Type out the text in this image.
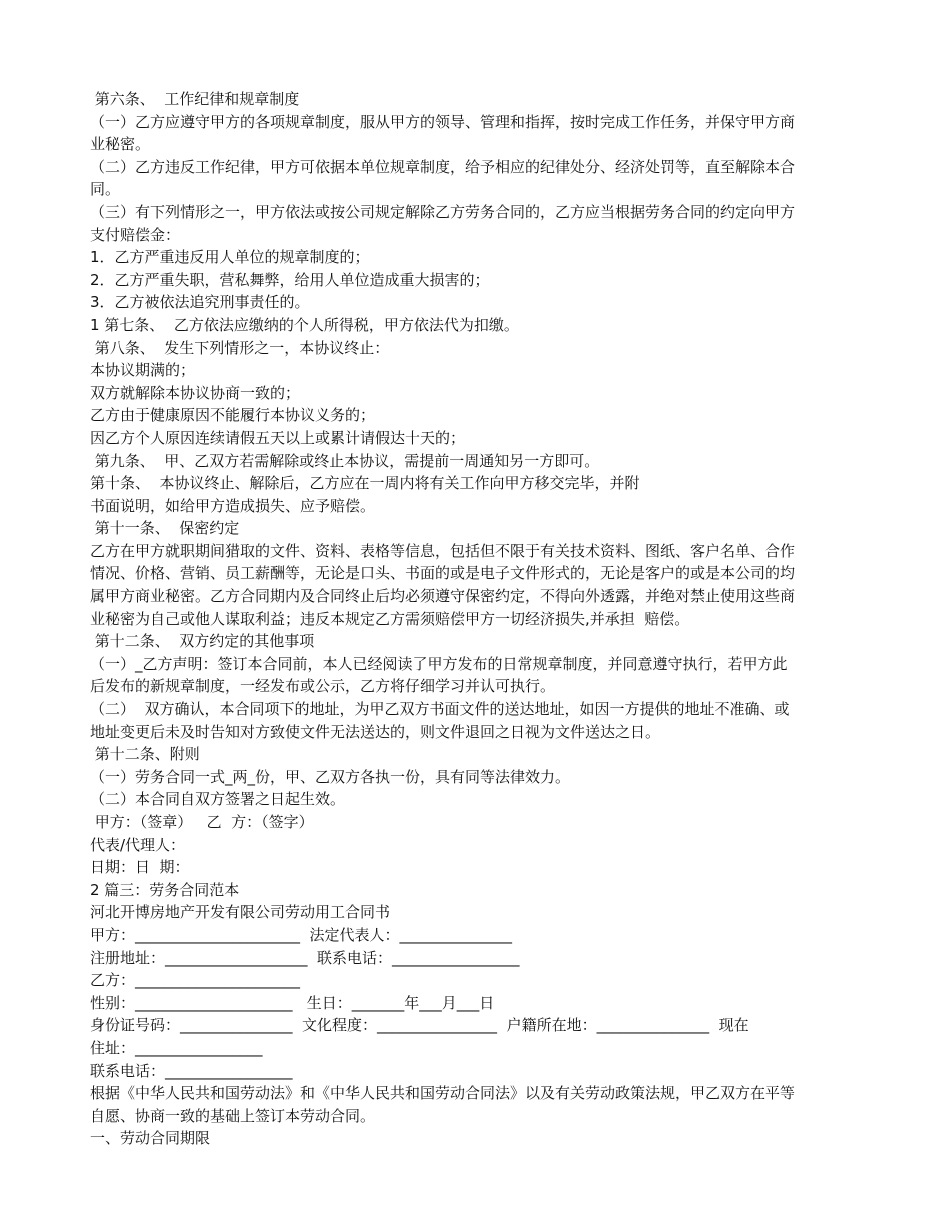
第六条、  工作纪律和规章制度
（一）乙方应遵守甲方的各项规章制度，服从甲方的领导、管理和指挥，按时完成工作任务，并保守甲方商
业秘密。
（二）乙方违反工作纪律，甲方可依据本单位规章制度，给予相应的纪律处分、经济处罚等，直至解除本合
同。
（三）有下列情形之一，甲方依法或按公司规定解除乙方劳务合同的，乙方应当根据劳务合同的约定向甲方
支付赔偿金：
1．乙方严重违反用人单位的规章制度的；
2．乙方严重失职，营私舞弊，给用人单位造成重大损害的；
3．乙方被依法追究刑事责任的。
1 第七条、  乙方依法应缴纳的个人所得税，甲方依法代为扣缴。
第八条、  发生下列情形之一，本协议终止：
本协议期满的；
双方就解除本协议协商一致的；
乙方由于健康原因不能履行本协议义务的；
因乙方个人原因连续请假五天以上或累计请假达十天的；
第九条、  甲、乙双方若需解除或终止本协议，需提前一周通知另一方即可。
第十条、  本协议终止、解除后，乙方应在一周内将有关工作向甲方移交完毕，并附
书面说明，如给甲方造成损失、应予赔偿。
第十一条、  保密约定
乙方在甲方就职期间猎取的文件、资料、表格等信息，包括但不限于有关技术资料、图纸、客户名单、合作
情况、价格、营销、员工薪酬等，无论是口头、书面的或是电子文件形式的，无论是客户的或是本公司的均
属甲方商业秘密。乙方合同期内及合同终止后均必须遵守保密约定，不得向外透露，并绝对禁止使用这些商
业秘密为自己或他人谋取利益；违反本规定乙方需须赔偿甲方一切经济损失,并承担  赔偿。
第十二条、  双方约定的其他事项
（一）_乙方声明：签订本合同前，本人已经阅读了甲方发布的日常规章制度，并同意遵守执行，若甲方此
后发布的新规章制度，一经发布或公示，乙方将仔细学习并认可执行。
（二）  双方确认，本合同项下的地址，为甲乙双方书面文件的送达地址，如因一方提供的地址不准确、或
地址变更后未及时告知对方致使文件无法送达的，则文件退回之日视为文件送达之日。
第十二条、附则
（一）劳务合同一式_两_份，甲、乙双方各执一份，具有同等法律效力。
（二）本合同自双方签署之日起生效。
甲方：（签章）   乙  方：（签字）
代表/代理人：
日期：日  期：
2 篇三：劳务合同范本
河北开博房地产开发有限公司劳动用工合同书
甲方：______________________  法定代表人：_______________
注册地址：___________________  联系电话：_________________
乙方：______________________
性别：_____________________   生日：_______年___月___日
身份证号码：_______________  文化程度：________________  户籍所在地：_______________  现在
住址：_________________
联系电话：_________________
根据《中华人民共和国劳动法》和《中华人民共和国劳动合同法》以及有关劳动政策法规，甲乙双方在平等
自愿、协商一致的基础上签订本劳动合同。
一、劳动合同期限
